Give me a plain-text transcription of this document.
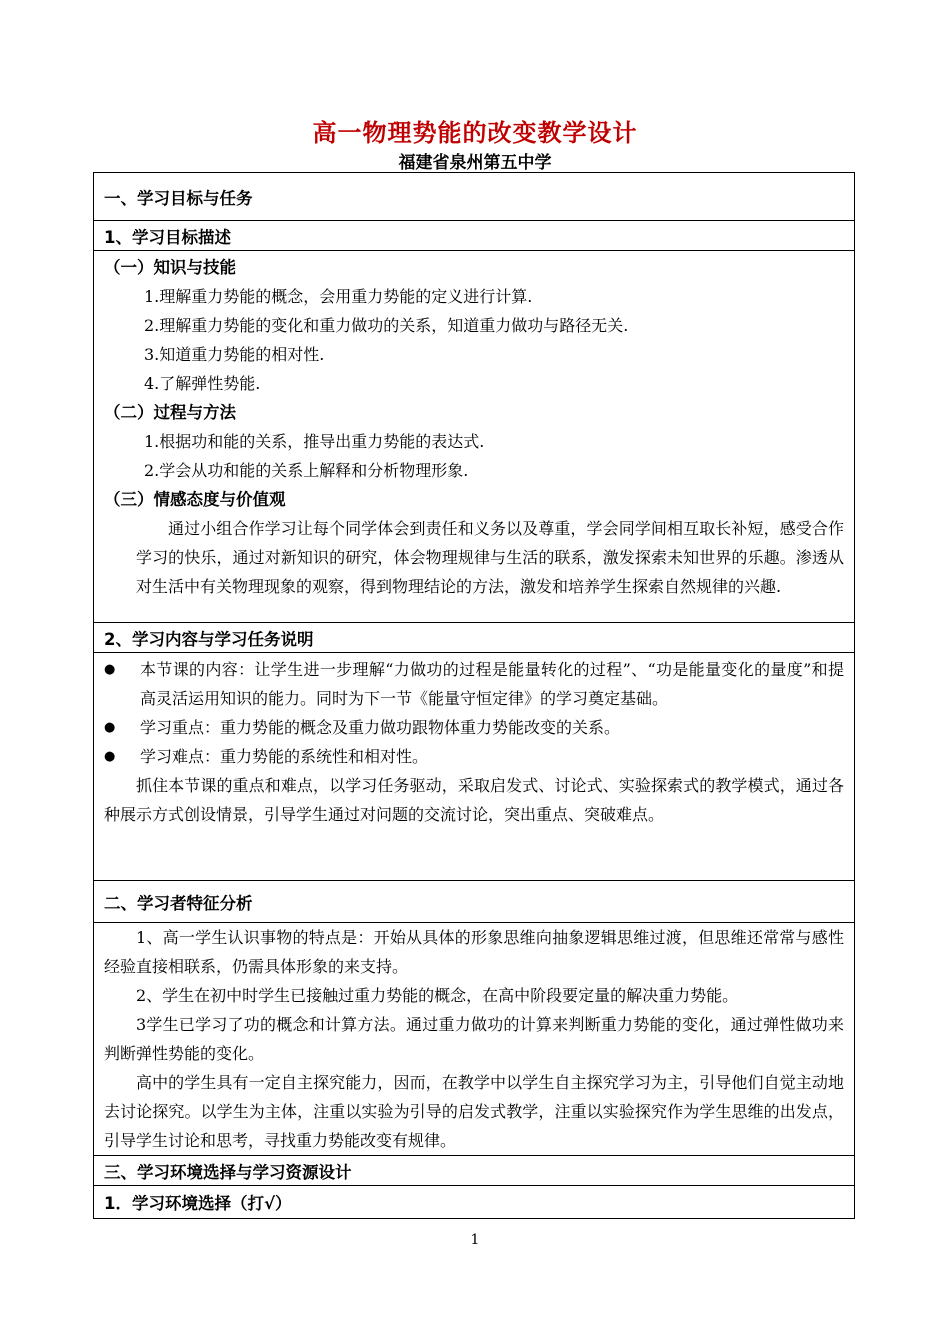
高一物理势能的改变教学设计
福建省泉州第五中学
一、学习目标与任务
1、学习目标描述
（一）知识与技能
1.理解重力势能的概念，会用重力势能的定义进行计算.
2.理解重力势能的变化和重力做功的关系，知道重力做功与路径无关.
3.知道重力势能的相对性.
4.了解弹性势能.
（二）过程与方法
1.根据功和能的关系，推导出重力势能的表达式.
2.学会从功和能的关系上解释和分析物理形象.
（三）情感态度与价值观
通过小组合作学习让每个同学体会到责任和义务以及尊重，学会同学间相互取长补短，感受合作学习的快乐，通过对新知识的研究，体会物理规律与生活的联系，激发探索未知世界的乐趣。渗透从对生活中有关物理现象的观察，得到物理结论的方法，激发和培养学生探索自然规律的兴趣.
2、学习内容与学习任务说明
●	本节课的内容：让学生进一步理解“力做功的过程是能量转化的过程”、“功是能量变化的量度”和提高灵活运用知识的能力。同时为下一节《能量守恒定律》的学习奠定基础。
●	学习重点：重力势能的概念及重力做功跟物体重力势能改变的关系。
●	学习难点：重力势能的系统性和相对性。
抓住本节课的重点和难点，以学习任务驱动，采取启发式、讨论式、实验探索式的教学模式，通过各种展示方式创设情景，引导学生通过对问题的交流讨论，突出重点、突破难点。
二、学习者特征分析
1、高一学生认识事物的特点是：开始从具体的形象思维向抽象逻辑思维过渡，但思维还常常与感性经验直接相联系，仍需具体形象的来支持。
2、学生在初中时学生已接触过重力势能的概念，在高中阶段要定量的解决重力势能。
3学生已学习了功的概念和计算方法。通过重力做功的计算来判断重力势能的变化，通过弹性做功来判断弹性势能的变化。
高中的学生具有一定自主探究能力，因而，在教学中以学生自主探究学习为主，引导他们自觉主动地去讨论探究。以学生为主体，注重以实验为引导的启发式教学，注重以实验探究作为学生思维的出发点，引导学生讨论和思考，寻找重力势能改变有规律。
三、学习环境选择与学习资源设计
1．学习环境选择（打√）
1
